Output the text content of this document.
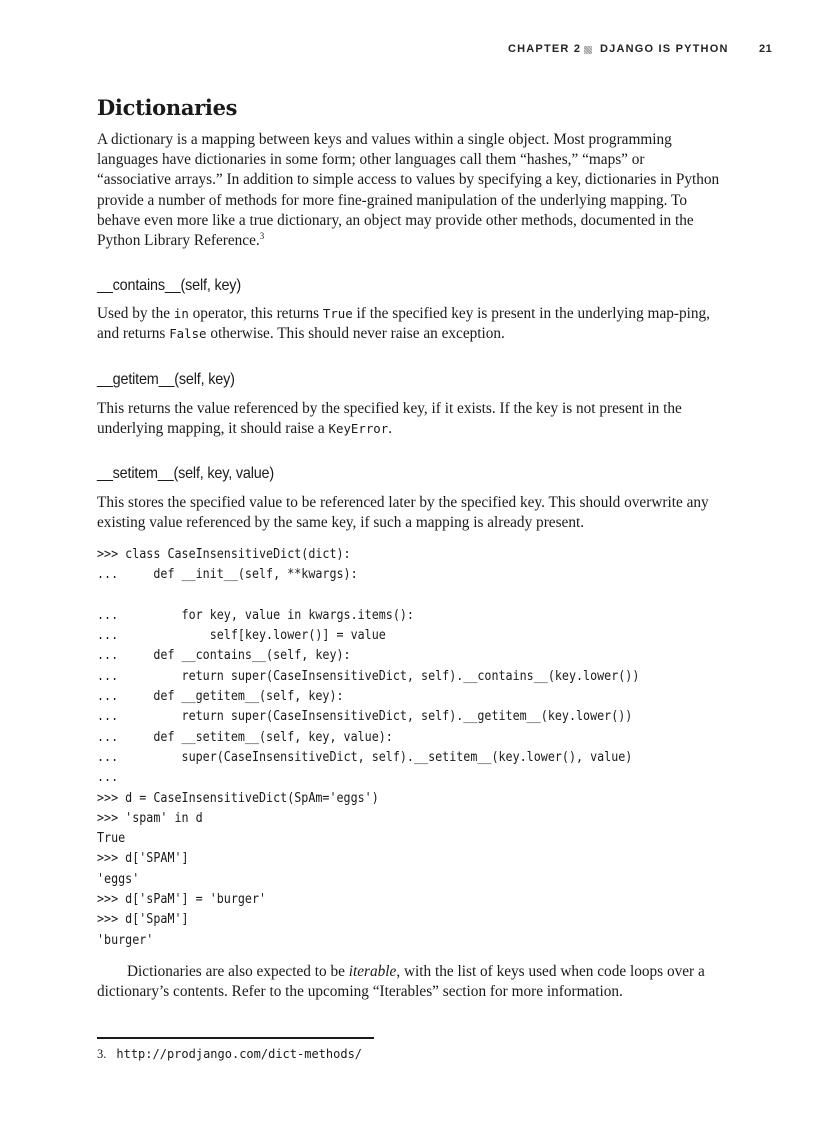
CHAPTER 2 DJANGO IS PYTHON	21
Dictionaries

A dictionary is a mapping between keys and values within a single object. Most programming languages have dictionaries in some form; other languages call them “hashes,” “maps” or “associative arrays.” In addition to simple access to values by specifying a key, dictionaries in Python provide a number of methods for more fine-grained manipulation of the underlying mapping. To behave even more like a true dictionary, an object may provide other methods, documented in the Python Library Reference.$^3$

__contains__(self, key)

Used by the in operator, this returns True if the specified key is present in the underlying map-ping, and returns False otherwise. This should never raise an exception.

__getitem__(self, key)

This returns the value referenced by the specified key, if it exists. If the key is not present in the underlying mapping, it should raise a KeyError.

__setitem__(self, key, value)

This stores the specified value to be referenced later by the specified key. This should overwrite any existing value referenced by the same key, if such a mapping is already present.

>>> class CaseInsensitiveDict(dict):
...     def __init__(self, **kwargs):
...         for key, value in kwargs.items():
...             self[key.lower()] = value
...     def __contains__(self, key):
...         return super(CaseInsensitiveDict, self).__contains__(key.lower())
...     def __getitem__(self, key):
...         return super(CaseInsensitiveDict, self).__getitem__(key.lower())
...     def __setitem__(self, key, value):
...         super(CaseInsensitiveDict, self).__setitem__(key.lower(), value)
...
>>> d = CaseInsensitiveDict(SpAm='eggs')
>>> 'spam' in d
True
>>> d['SPAM']
'eggs'
>>> d['sPaM'] = 'burger'
>>> d['SpaM']
'burger'

Dictionaries are also expected to be iterable, with the list of keys used when code loops over a dictionary’s contents. Refer to the upcoming “Iterables” section for more information.

3. http://prodjango.com/dict-methods/
